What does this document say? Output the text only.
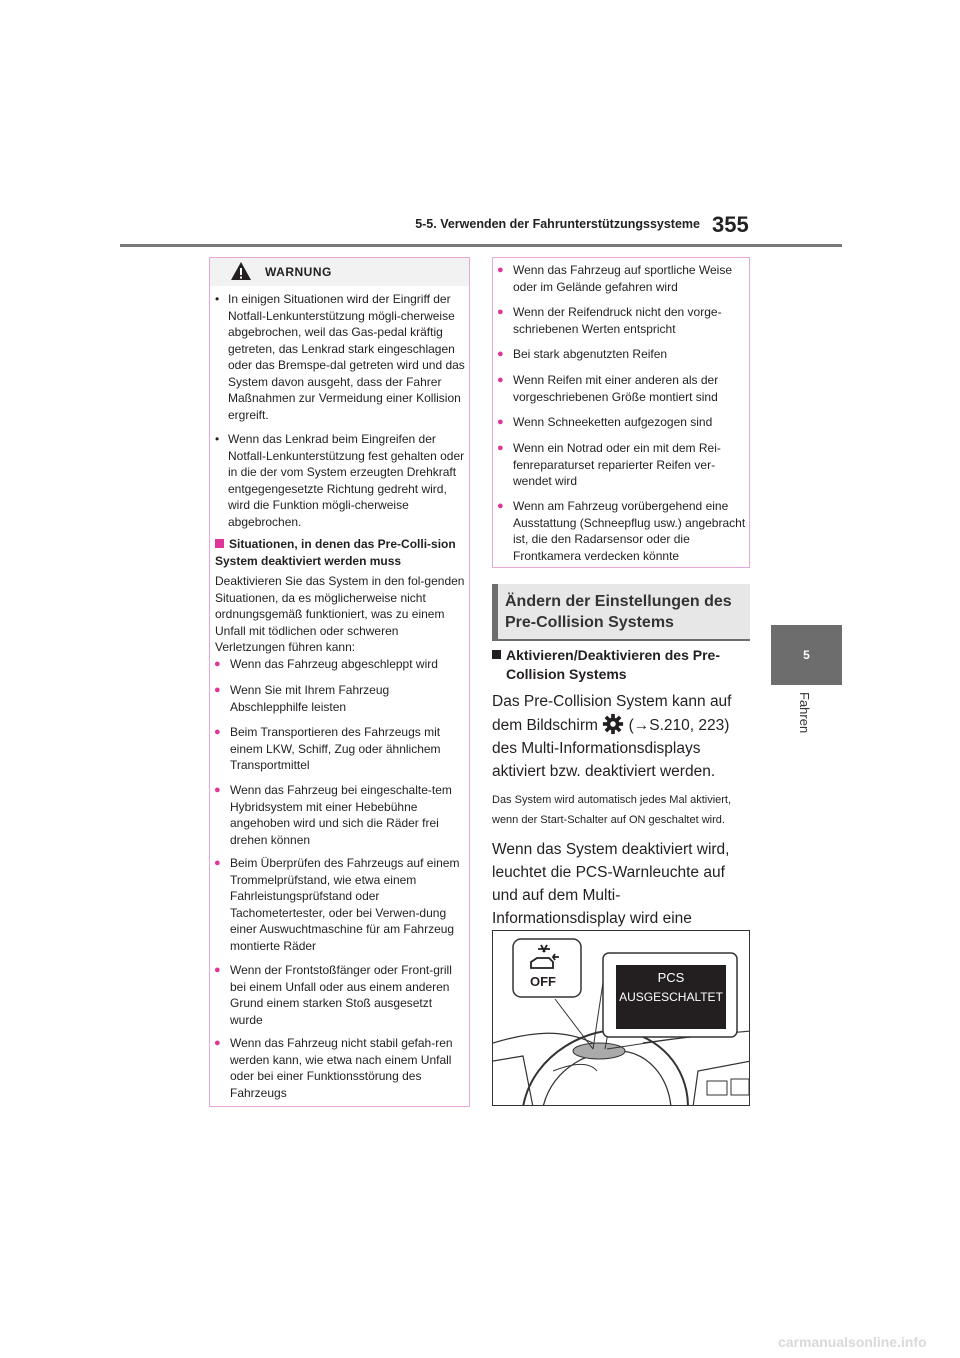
5-5. Verwenden der Fahrunterstützungssysteme 355
5
Fahren
WARNUNG
• In einigen Situationen wird der Eingriff der Notfall-Lenkunterstützung mögli-cherweise abgebrochen, weil das Gas-pedal kräftig getreten, das Lenkrad stark eingeschlagen oder das Bremspe-dal getreten wird und das System davon ausgeht, dass der Fahrer Maßnahmen zur Vermeidung einer Kollision ergreift.
• Wenn das Lenkrad beim Eingreifen der Notfall-Lenkunterstützung fest gehalten oder in die der vom System erzeugten Drehkraft entgegengesetzte Richtung gedreht wird, wird die Funktion mögli-cherweise abgebrochen.
Situationen, in denen das Pre-Colli-sion System deaktiviert werden muss
Deaktivieren Sie das System in den fol-genden Situationen, da es möglicherweise nicht ordnungsgemäß funktioniert, was zu einem Unfall mit tödlichen oder schweren Verletzungen führen kann:
● Wenn das Fahrzeug abgeschleppt wird
● Wenn Sie mit Ihrem Fahrzeug Abschlepphilfe leisten
● Beim Transportieren des Fahrzeugs mit einem LKW, Schiff, Zug oder ähnlichem Transportmittel
● Wenn das Fahrzeug bei eingeschalte-tem Hybridsystem mit einer Hebebühne angehoben wird und sich die Räder frei drehen können
● Beim Überprüfen des Fahrzeugs auf einem Trommelprüfstand, wie etwa einem Fahrleistungsprüfstand oder Tachometertester, oder bei Verwen-dung einer Auswuchtmaschine für am Fahrzeug montierte Räder
● Wenn der Frontstoßfänger oder Front-grill bei einem Unfall oder aus einem anderen Grund einem starken Stoß ausgesetzt wurde
● Wenn das Fahrzeug nicht stabil gefah-ren werden kann, wie etwa nach einem Unfall oder bei einer Funktionsstörung des Fahrzeugs
● Wenn das Fahrzeug auf sportliche Weise oder im Gelände gefahren wird
● Wenn der Reifendruck nicht den vorge-schriebenen Werten entspricht
● Bei stark abgenutzten Reifen
● Wenn Reifen mit einer anderen als der vorgeschriebenen Größe montiert sind
● Wenn Schneeketten aufgezogen sind
● Wenn ein Notrad oder ein mit dem Rei-fenreparaturset reparierter Reifen ver-wendet wird
● Wenn am Fahrzeug vorübergehend eine Ausstattung (Schneepflug usw.) angebracht ist, die den Radarsensor oder die Frontkamera verdecken könnte
Ändern der Einstellungen des Pre-Collision Systems
Aktivieren/Deaktivieren des Pre-Collision Systems
Das Pre-Collision System kann auf dem Bildschirm (→S.210, 223) des Multi-Informationsdisplays aktiviert bzw. deaktiviert werden.
Das System wird automatisch jedes Mal aktiviert, wenn der Start-Schalter auf ON geschaltet wird.
Wenn das System deaktiviert wird, leuchtet die PCS-Warnleuchte auf und auf dem Multi-Informationsdisplay wird eine
OFF	PCS
AUSGESCHALTET
carmanualsonline.info
